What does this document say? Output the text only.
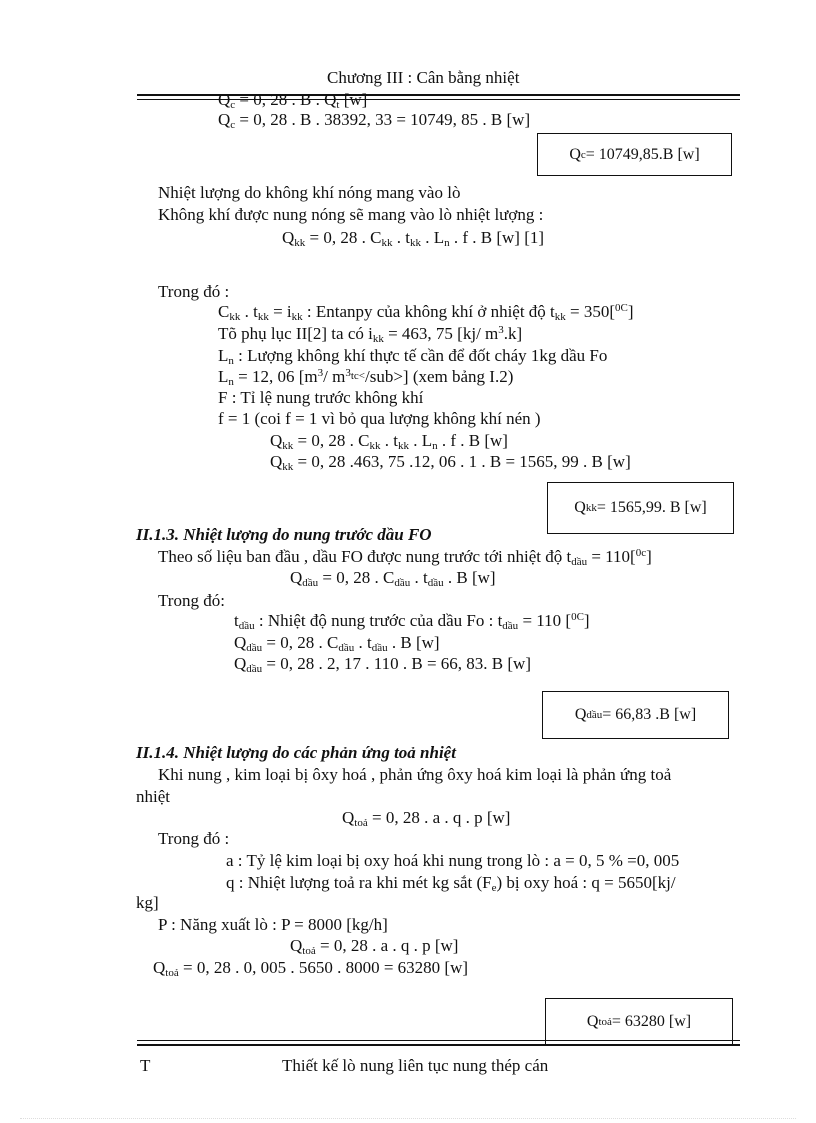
Chương III : Cân bằng nhiệt
$Q_c = 0$, 28 . B . $Q_t$ [w]
$Q_c = 0$, 28 . B . 38392, 33 = 10749, 85 . B [w]
Q c = 10749,85.B [w]
Nhiệt lượng do không khí nóng mang vào lò
Không khí được nung nóng sẽ mang vào lò nhiệt lượng :
$Q_{kk} = 0$, 28 . $C_{kk}$ . $t_{kk}$ . $L_n$ . f . B [w] [1]
Trong đó :
$C_{kk}$ . $t_{kk} = i_{kk}$ : Entanpy của không khí ở nhiệt độ $t_{kk} = 350[^{0C}]$
Tõ phụ lục II[2] ta có $i_{kk} = 463$, 75 [kj/ $m^3.k$]
$L_n$ : Lượng không khí thực tế cần để đốt cháy 1kg dầu Fo
$L_n = 12$, 06 [$m^3/$ $m^{3_{tc<}}/sub>$] (xem bảng I.2)
F : Tỉ lệ nung trước không khí
f = 1 (coi f = 1 vì bỏ qua lượng không khí nén )
$Q_{kk} = 0$, 28 . $C_{kk}$ . $t_{kk}$ . $L_n$ . f . B [w]
$Q_{kk} = 0$, 28 .463, 75 .12, 06 . 1 . B = 1565, 99 . B [w]
Q kk = 1565,99. B [w]
II.1.3. Nhiệt lượng do nung trước dầu FO
Theo số liệu ban đầu , dầu FO được nung trước tới nhiệt độ $t_{dầu} = 110[^{0c}]$
$Q_{dầu} = 0$, 28 . $C_{dầu}$ . $t_{dầu}$ . B [w]
Trong đó:
$t_{dầu}$ : Nhiệt độ nung trước của dầu Fo : $t_{dầu} = 110$ [$^{0C}$]
$Q_{dầu} = 0$, 28 . $C_{dầu}$ . $t_{dầu}$ . B [w]
$Q_{dầu} = 0$, 28 . 2, 17 . 110 . B = 66, 83. B [w]
Q dầu = 66,83 .B [w]
II.1.4. Nhiệt lượng do các phản ứng toả nhiệt
Khi nung , kim loại bị ôxy hoá , phản ứng ôxy hoá kim loại là phản ứng toả
nhiệt
$Q_{toả} = 0$, 28 . a . q . p [w]
Trong đó :
a : Tỷ lệ kim loại bị oxy hoá khi nung trong lò : a = 0, 5 % =0, 005
q : Nhiệt lượng toả ra khi mét kg sắt $(F_e)$ bị oxy hoá : q = 5650[kj/
kg]
P : Năng xuất lò : P = 8000 [kg/h]
$Q_{toả} = 0$, 28 . a . q . p [w]
$Q_{toả} = 0$, 28 . 0, 005 . 5650 . 8000 = 63280 [w]
Q toả = 63280 [w]
T	Thiết kế lò nung liên tục nung thép cán
